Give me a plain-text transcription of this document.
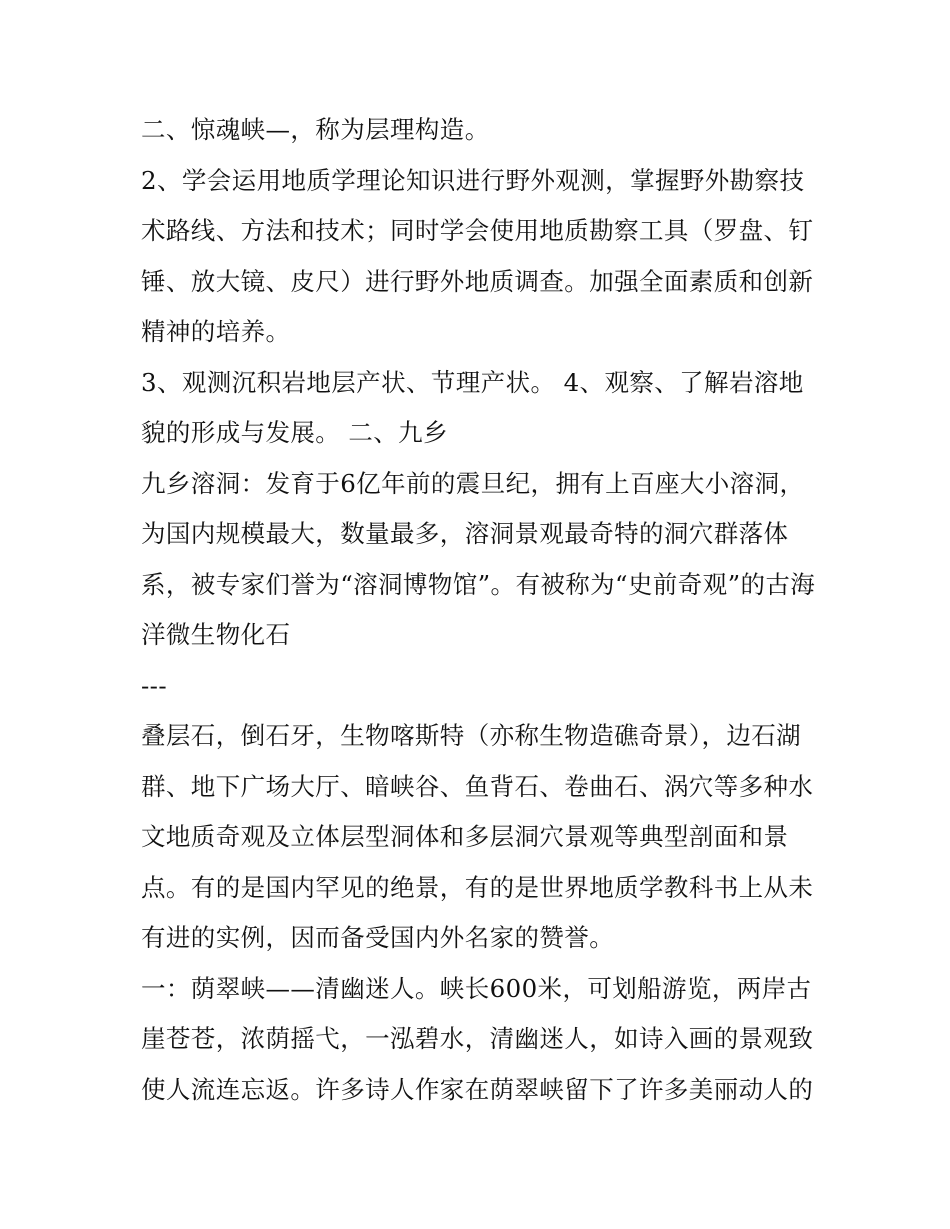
二、惊魂峡—，称为层理构造。
2、学会运用地质学理论知识进行野外观测，掌握野外勘察技
术路线、方法和技术；同时学会使用地质勘察工具（罗盘、钉
锤、放大镜、皮尺）进行野外地质调查。加强全面素质和创新
精神的培养。
3、观测沉积岩地层产状、节理产状。 4、观察、了解岩溶地
貌的形成与发展。 二、九乡
九乡溶洞：发育于6亿年前的震旦纪，拥有上百座大小溶洞，
为国内规模最大，数量最多，溶洞景观最奇特的洞穴群落体
系，被专家们誉为“溶洞博物馆”。有被称为“史前奇观”的古海
洋微生物化石
---
叠层石，倒石牙，生物喀斯特（亦称生物造礁奇景），边石湖
群、地下广场大厅、暗峡谷、鱼背石、卷曲石、涡穴等多种水
文地质奇观及立体层型洞体和多层洞穴景观等典型剖面和景
点。有的是国内罕见的绝景，有的是世界地质学教科书上从未
有进的实例，因而备受国内外名家的赞誉。
一：荫翠峡——清幽迷人。峡长600米，可划船游览，两岸古
崖苍苍，浓荫摇弋，一泓碧水，清幽迷人，如诗入画的景观致
使人流连忘返。许多诗人作家在荫翠峡留下了许多美丽动人的
